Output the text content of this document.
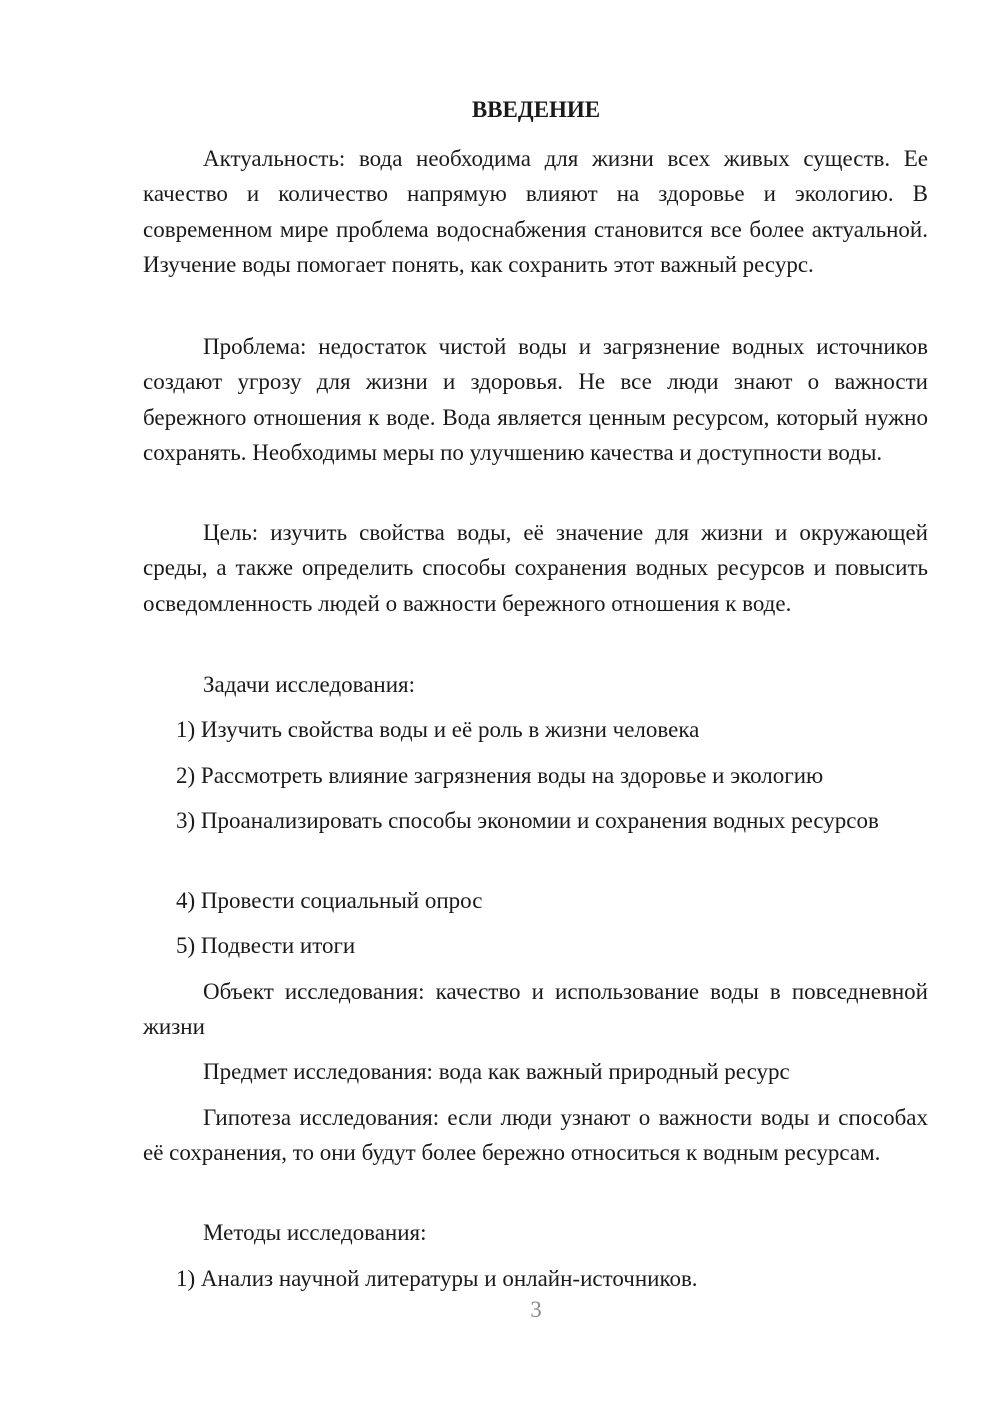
ВВЕДЕНИЕ

Актуальность: вода необходима для жизни всех живых существ. Ее качество и количество напрямую влияют на здоровье и экологию. В современном мире проблема водоснабжения становится все более актуальной. Изучение воды помогает понять, как сохранить этот важный ресурс.

Проблема: недостаток чистой воды и загрязнение водных источников создают угрозу для жизни и здоровья. Не все люди знают о важности бережного отношения к воде. Вода является ценным ресурсом, который нужно сохранять. Необходимы меры по улучшению качества и доступности воды.

Цель: изучить свойства воды, её значение для жизни и окружающей среды, а также определить способы сохранения водных ресурсов и повысить осведомленность людей о важности бережного отношения к воде.

Задачи исследования:

1) Изучить свойства воды и её роль в жизни человека

2) Рассмотреть влияние загрязнения воды на здоровье и экологию

3) Проанализировать способы экономии и сохранения водных ресурсов

4) Провести социальный опрос

5) Подвести итоги

Объект исследования: качество и использование воды в повседневной жизни

Предмет исследования: вода как важный природный ресурс

Гипотеза исследования: если люди узнают о важности воды и способах её сохранения, то они будут более бережно относиться к водным ресурсам.

Методы исследования:

1) Анализ научной литературы и онлайн-источников.

3
